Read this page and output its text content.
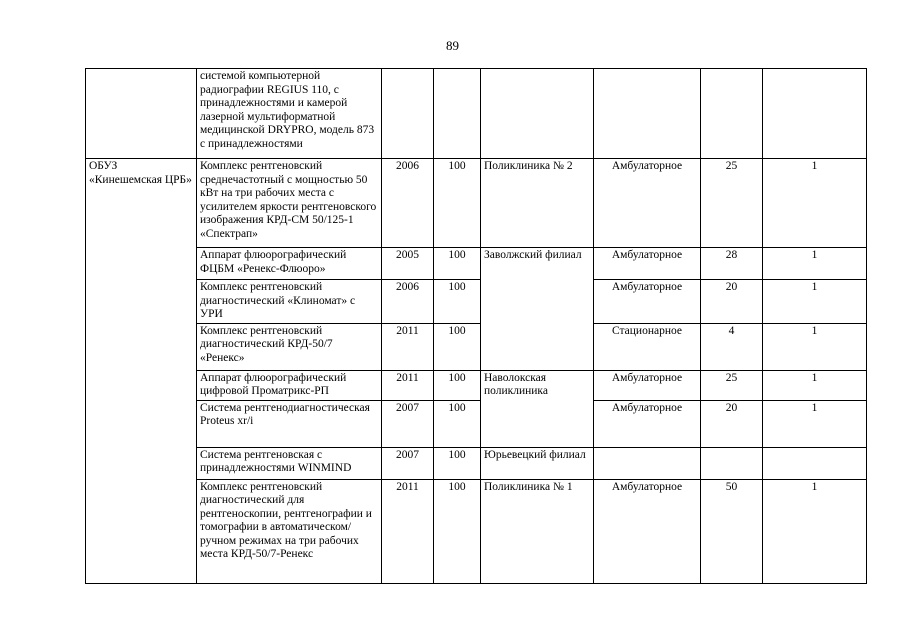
89
	системой компьютерной радиографии REGIUS 110, с принадлежностями и камерой лазерной мультиформатной медицинской DRYPRO, модель 873 с принадлежностями						
ОБУЗ «Кинешемская ЦРБ»	Комплекс рентгеновский среднечастотный с мощностью 50 кВт на три рабочих места с усилителем яркости рентгеновского изображения КРД-СМ 50/125-1 «Спектрап»	2006	100	Поликлиника № 2	Амбулаторное	25	1
	Аппарат флюорографический ФЦБМ «Ренекс-Флюоро»	2005	100	Заволжский филиал	Амбулаторное	28	1
	Комплекс рентгеновский диагностический «Клиномат» с УРИ	2006	100		Амбулаторное	20	1
	Комплекс рентгеновский диагностический КРД-50/7 «Ренекс»	2011	100		Стационарное	4	1
	Аппарат флюорографический цифровой Проматрикс-РП	2011	100	Наволокская поликлиника	Амбулаторное	25	1
	Система рентгенодиагностическая Proteus xr/i	2007	100		Амбулаторное	20	1
	Система рентгеновская с принадлежностями WINMIND	2007	100	Юрьевецкий филиал			
	Комплекс рентгеновский диагностический для рентгеноскопии, рентгенографии и томографии в автоматическом/ручном режимах на три рабочих места КРД-50/7-Ренекс	2011	100	Поликлиника № 1	Амбулаторное	50	1
